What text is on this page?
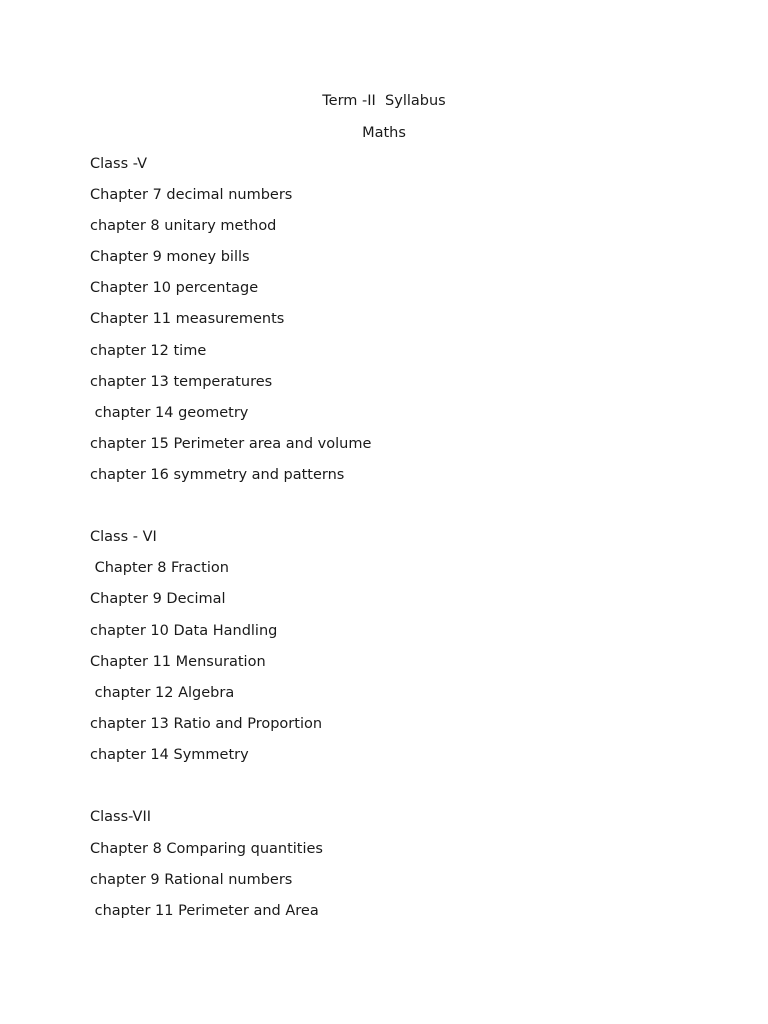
Term -II  Syllabus
Maths
Class -V
Chapter 7 decimal numbers
chapter 8 unitary method
Chapter 9 money bills
Chapter 10 percentage
Chapter 11 measurements
chapter 12 time
chapter 13 temperatures
chapter 14 geometry
chapter 15 Perimeter area and volume
chapter 16 symmetry and patterns
Class - VI
Chapter 8 Fraction
Chapter 9 Decimal
chapter 10 Data Handling
Chapter 11 Mensuration
chapter 12 Algebra
chapter 13 Ratio and Proportion
chapter 14 Symmetry
Class-VII
Chapter 8 Comparing quantities
chapter 9 Rational numbers
chapter 11 Perimeter and Area
